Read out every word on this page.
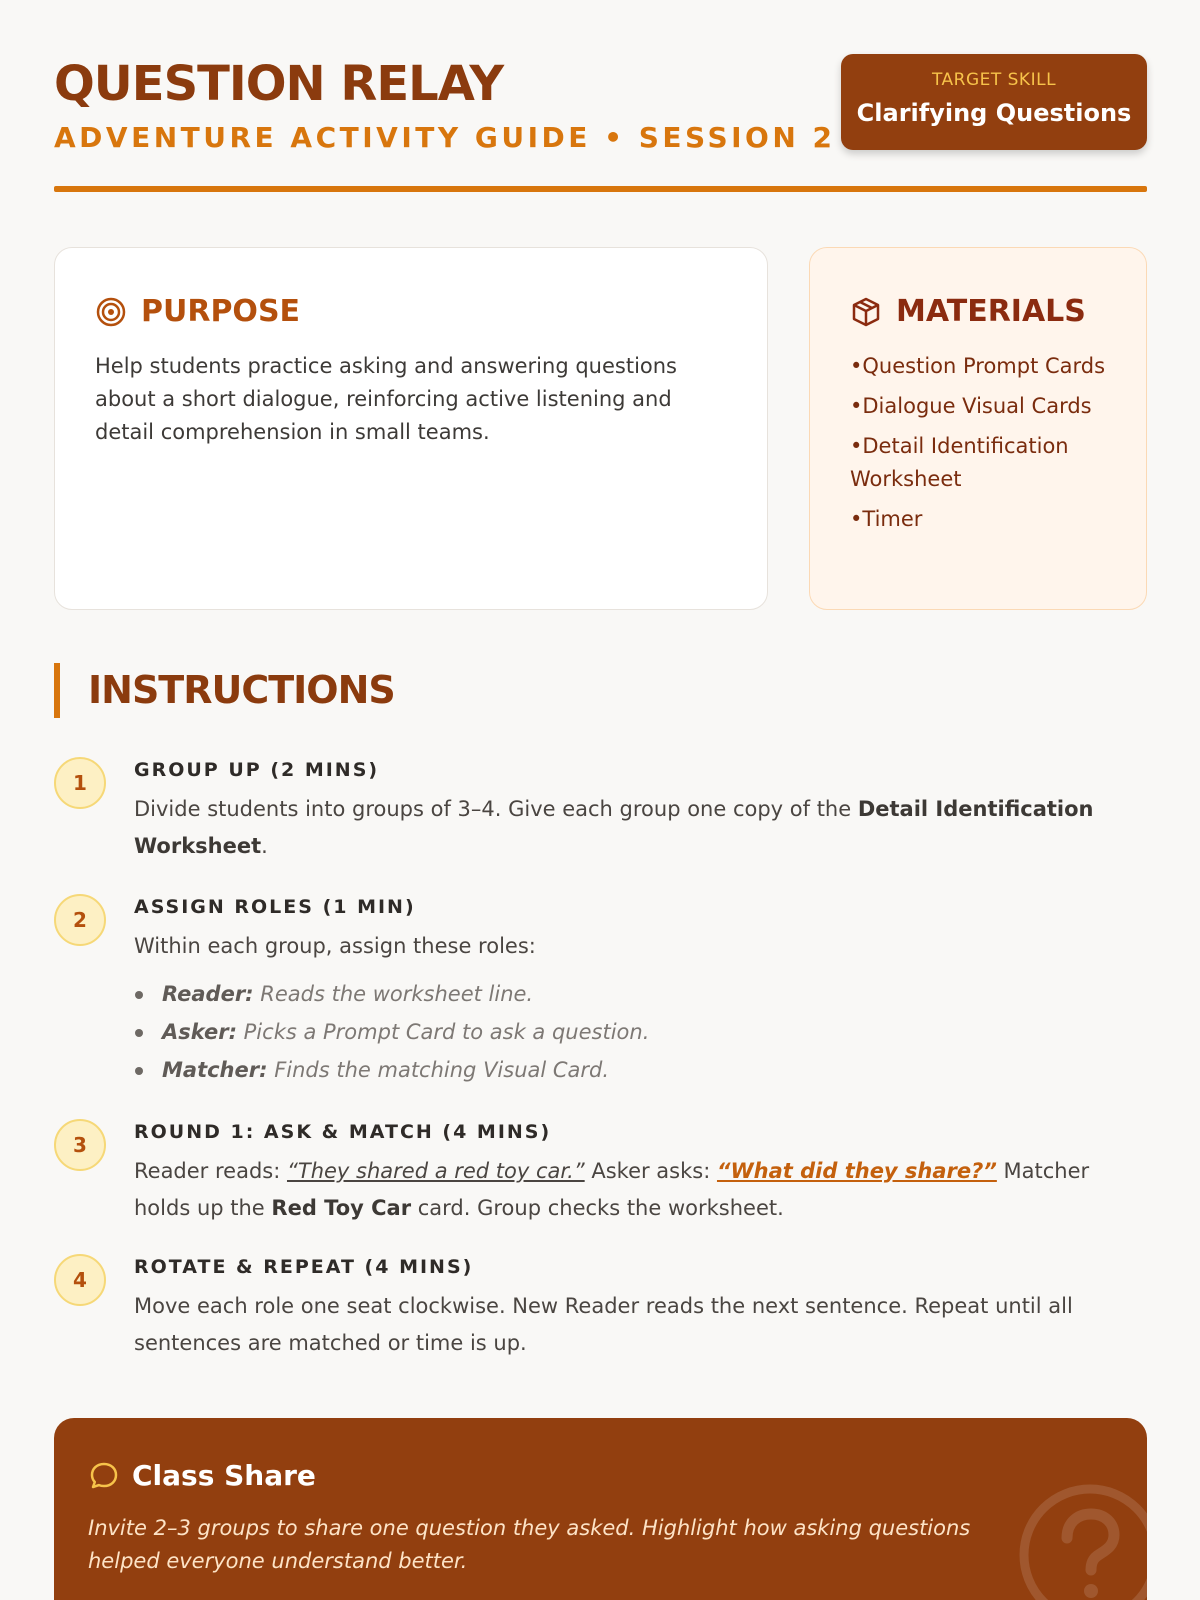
QUESTION RELAY
ADVENTURE ACTIVITY GUIDE • SESSION 2
TARGET SKILL
Clarifying Questions
PURPOSE

Help students practice asking and answering questions about a short dialogue, reinforcing active listening and detail comprehension in small teams.

MATERIALS
• Question Prompt Cards
• Dialogue Visual Cards
• Detail Identification Worksheet
• Timer
INSTRUCTIONS
1
GROUP UP (2 MINS)
Divide students into groups of 3–4. Give each group one copy of the Detail Identification Worksheet.
2
ASSIGN ROLES (1 MIN)
Within each group, assign these roles:
Reader: Reads the worksheet line.
Asker: Picks a Prompt Card to ask a question.
Matcher: Finds the matching Visual Card.
3
ROUND 1: ASK & MATCH (4 MINS)
Reader reads: “They shared a red toy car.” Asker asks: “What did they share?” Matcher holds up the Red Toy Car card. Group checks the worksheet.
4
ROTATE & REPEAT (4 MINS)
Move each role one seat clockwise. New Reader reads the next sentence. Repeat until all sentences are matched or time is up.
Class Share

Invite 2–3 groups to share one question they asked. Highlight how asking questions helped everyone understand better.
